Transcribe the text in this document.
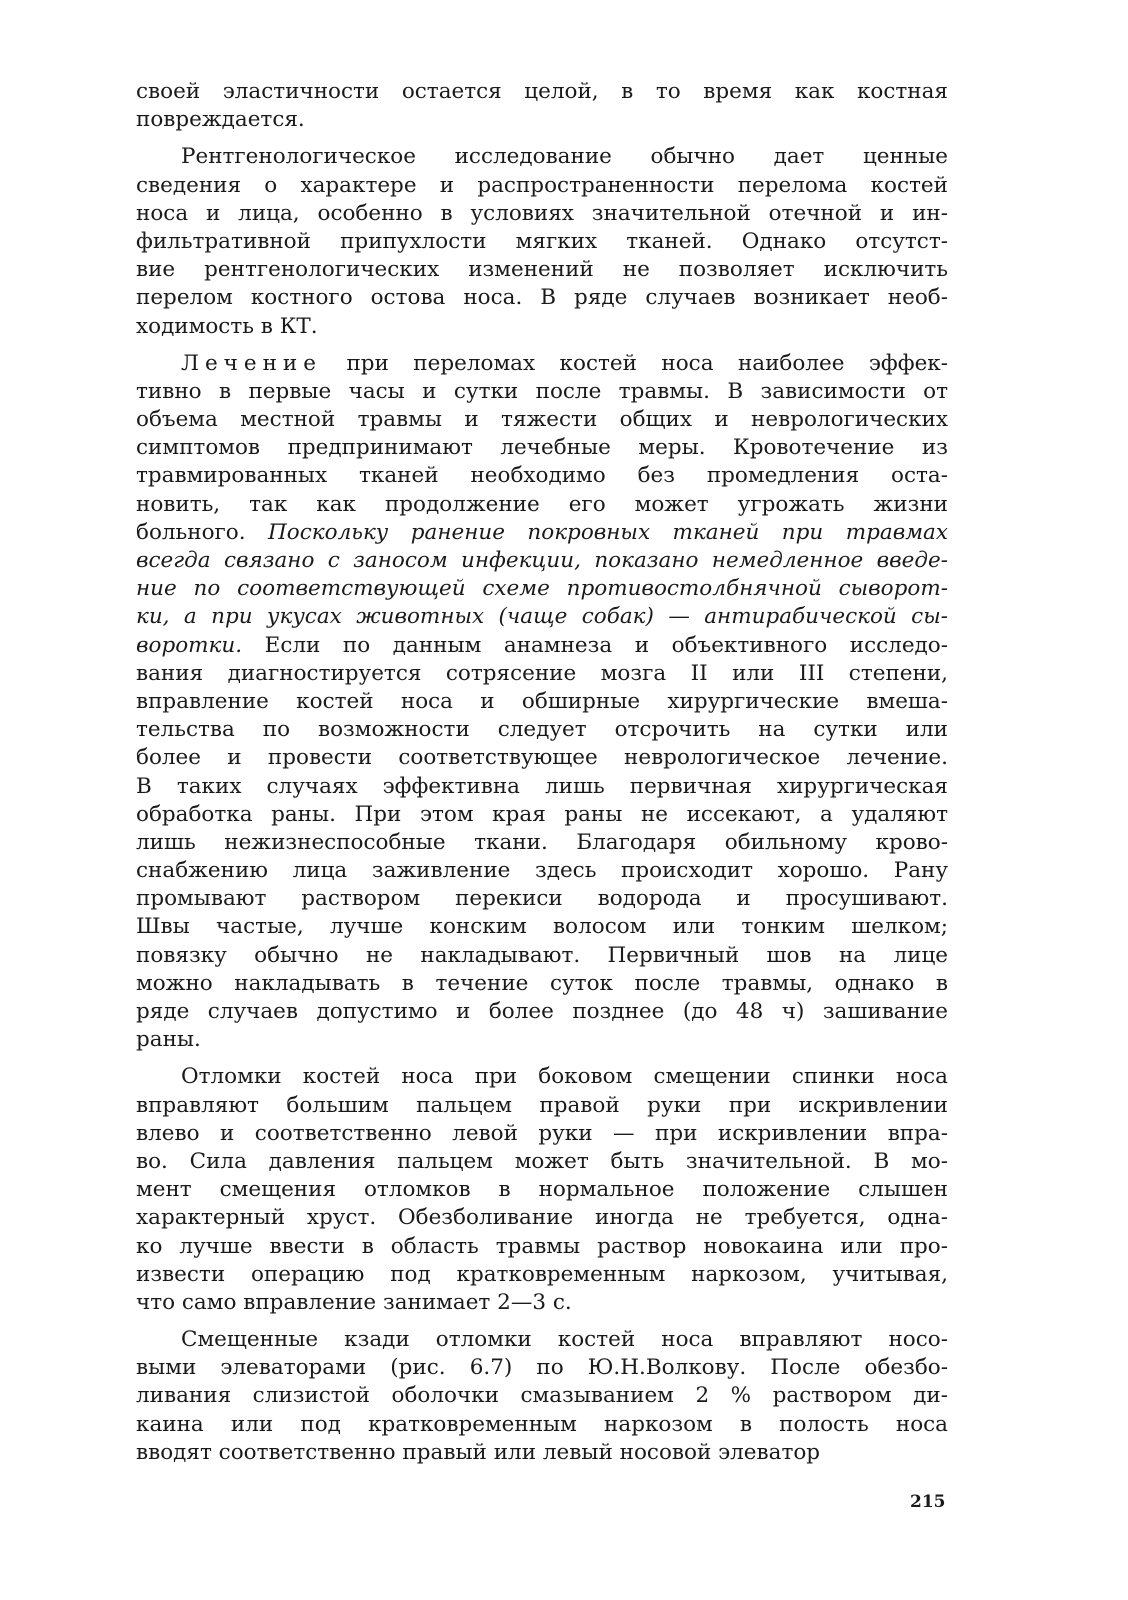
своей эластичности остается целой, в то время как костная
повреждается.
Рентгенологическое исследование обычно дает ценные
сведения о характере и распространенности перелома костей
носа и лица, особенно в условиях значительной отечной и ин-
фильтративной припухлости мягких тканей. Однако отсутст-
вие рентгенологических изменений не позволяет исключить
перелом костного остова носа. В ряде случаев возникает необ-
ходимость в КТ.
Лечение при переломах костей носа наиболее эффек-
тивно в первые часы и сутки после травмы. В зависимости от
объема местной травмы и тяжести общих и неврологических
симптомов предпринимают лечебные меры. Кровотечение из
травмированных тканей необходимо без промедления оста-
новить, так как продолжение его может угрожать жизни
больного. Поскольку ранение покровных тканей при травмах
всегда связано с заносом инфекции, показано немедленное введе-
ние по соответствующей схеме противостолбнячной сыворот-
ки, а при укусах животных (чаще собак) — антирабической сы-
воротки. Если по данным анамнеза и объективного исследо-
вания диагностируется сотрясение мозга II или III степени,
вправление костей носа и обширные хирургические вмеша-
тельства по возможности следует отсрочить на сутки или
более и провести соответствующее неврологическое лечение.
В таких случаях эффективна лишь первичная хирургическая
обработка раны. При этом края раны не иссекают, а удаляют
лишь нежизнеспособные ткани. Благодаря обильному крово-
снабжению лица заживление здесь происходит хорошо. Рану
промывают раствором перекиси водорода и просушивают.
Швы частые, лучше конским волосом или тонким шелком;
повязку обычно не накладывают. Первичный шов на лице
можно накладывать в течение суток после травмы, однако в
ряде случаев допустимо и более позднее (до 48 ч) зашивание
раны.
Отломки костей носа при боковом смещении спинки носа
вправляют большим пальцем правой руки при искривлении
влево и соответственно левой руки — при искривлении впра-
во. Сила давления пальцем может быть значительной. В мо-
мент смещения отломков в нормальное положение слышен
характерный хруст. Обезболивание иногда не требуется, одна-
ко лучше ввести в область травмы раствор новокаина или про-
извести операцию под кратковременным наркозом, учитывая,
что само вправление занимает 2—3 с.
Смещенные кзади отломки костей носа вправляют носо-
выми элеваторами (рис. 6.7) по Ю.Н.Волкову. После обезбо-
ливания слизистой оболочки смазыванием 2 % раствором ди-
каина или под кратковременным наркозом в полость носа
вводят соответственно правый или левый носовой элеватор
215
